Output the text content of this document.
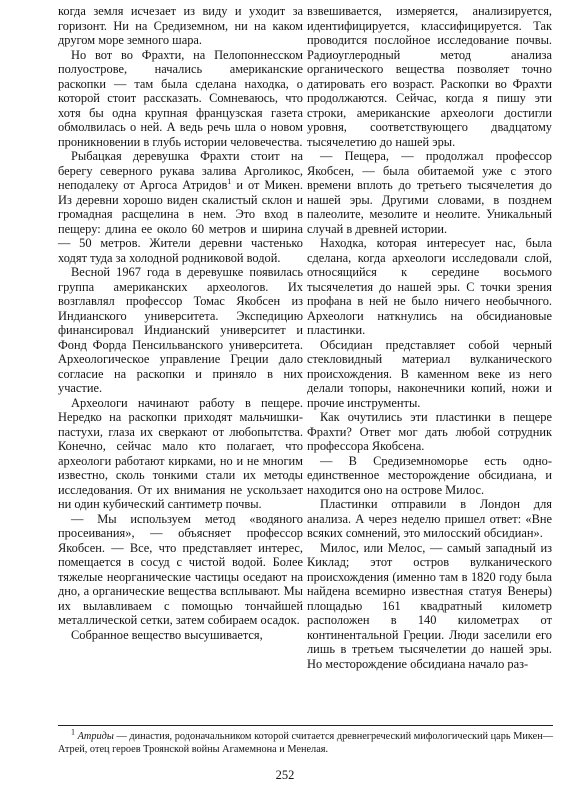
когда земля исчезает из виду и уходит за горизонт. Ни на Средиземном, ни на каком другом море земного шара.

Но вот во Фрахти, на Пелопоннесском полуострове, начались американские раскопки — там была сделана находка, о которой стоит рассказать. Сомневаюсь, что хотя бы одна крупная французская газета обмолвилась о ней. А ведь речь шла о новом проникновении в глубь истории человечества.

Рыбацкая деревушка Фрахти стоит на берегу северного рукава залива Арголикос, неподалеку от Аргоса Атридов$^1$ и от Микен. Из деревни хорошо виден скалистый склон и громадная расщелина в нем. Это вход в пещеру: длина ее около 60 метров и ширина — 50 метров. Жители деревни частенько ходят туда за холодной родниковой водой.

Весной 1967 года в деревушке появилась группа американских археологов. Их возглавлял профессор Томас Якобсен из Индианского университета. Экспедицию финансировал Индианский университет и Фонд Форда Пенсильванского университета. Археологическое управление Греции дало согласие на раскопки и приняло в них участие.

Археологи начинают работу в пещере. Нередко на раскопки приходят мальчишки-пастухи, глаза их сверкают от любопытства. Конечно, сейчас мало кто полагает, что археологи работают кирками, но и не многим известно, сколь тонкими стали их методы исследования. От их внимания не ускользает ни один кубический сантиметр почвы.

— Мы используем метод «водяного просеивания», — объясняет профессор Якобсен. — Все, что представляет интерес, помещается в сосуд с чистой водой. Более тяжелые неорганические частицы оседают на дно, а органические вещества всплывают. Мы их вылавливаем с помощью тончайшей металлической сетки, затем собираем осадок.

Собранное вещество высушивается,

взвешивается, измеряется, анализируется, идентифицируется, классифицируется. Так проводится послойное исследование почвы. Радиоуглеродный метод анализа органического вещества позволяет точно датировать его возраст. Раскопки во Фрахти продолжаются. Сейчас, когда я пишу эти строки, американские археологи достигли уровня, соответствующего двадцатому тысячелетию до нашей эры.

— Пещера, — продолжал профессор Якобсен, — была обитаемой уже с этого времени вплоть до третьего тысячелетия до нашей эры. Другими словами, в позднем палеолите, мезолите и неолите. Уникальный случай в древней истории.

Находка, которая интересует нас, была сделана, когда археологи исследовали слой, относящийся к середине восьмого тысячелетия до нашей эры. С точки зрения профана в ней не было ничего необычного. Археологи наткнулись на обсидиановые пластинки.

Обсидиан представляет собой черный стекловидный материал вулканического происхождения. В каменном веке из него делали топоры, наконечники копий, ножи и прочие инструменты.

Как очутились эти пластинки в пещере Фрахти? Ответ мог дать любой сотрудник профессора Якобсена.

— В Средиземноморье есть одно-единственное месторождение обсидиана, и находится оно на острове Милос.

Пластинки отправили в Лондон для анализа. А через неделю пришел ответ: «Вне всяких сомнений, это милосский обсидиан».

Милос, или Мелос, — самый западный из Киклад; этот остров вулканического происхождения (именно там в 1820 году была найдена всемирно известная статуя Венеры) площадью 161 квадратный километр расположен в 140 километрах от континентальной Греции. Люди заселили его лишь в третьем тысячелетии до нашей эры. Но месторождение обсидиана начало раз-

$^1$ Атриды — династия, родоначальником которой считается древнегреческий мифологический царь Микен—Атрей, отец героев Троянской войны Агамемнона и Менелая.

252
